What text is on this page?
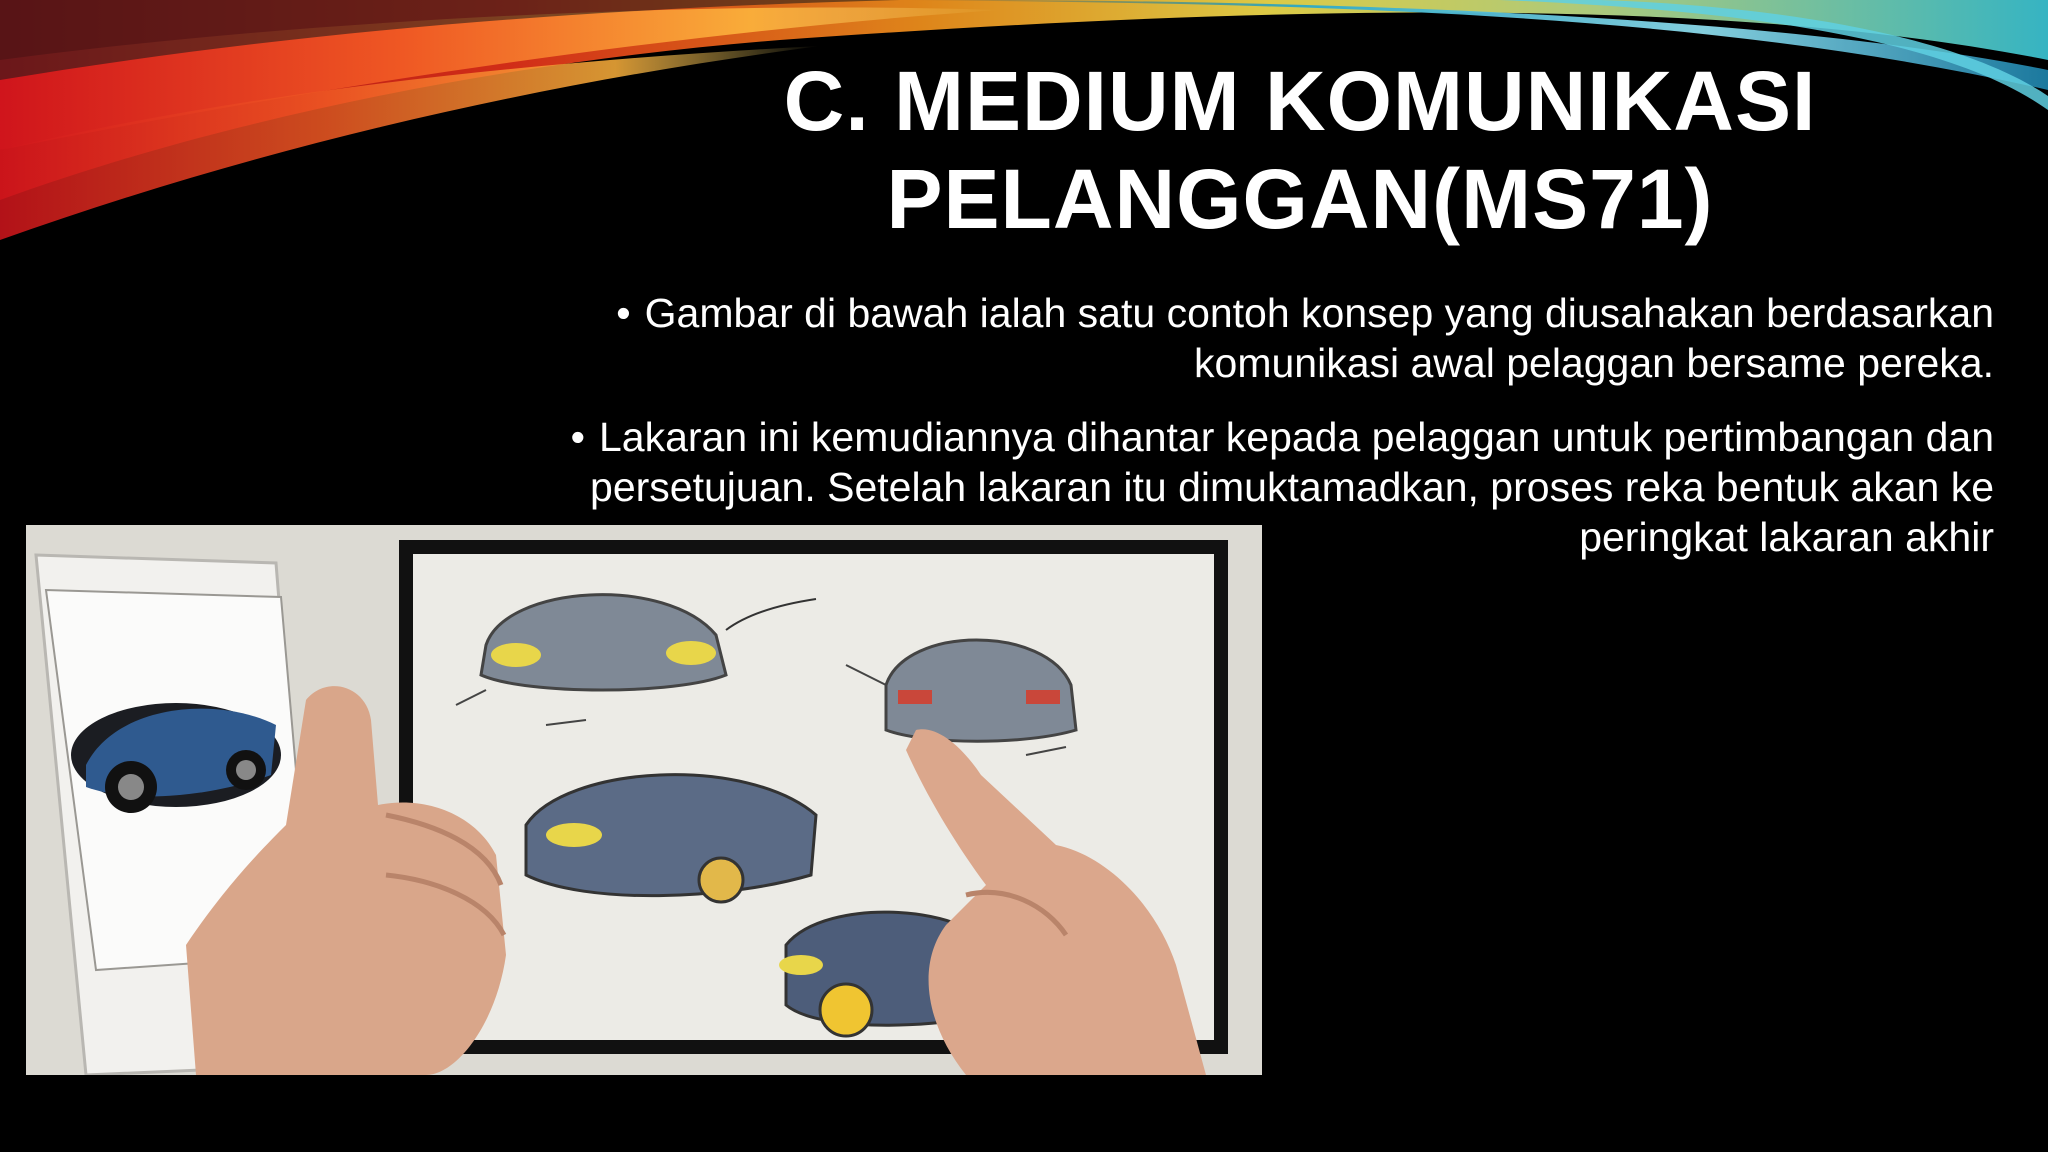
C. MEDIUM KOMUNIKASI
PELANGGAN(MS71)
• Gambar di bawah ialah satu contoh konsep yang diusahakan berdasarkan
komunikasi awal pelaggan bersame pereka.
• Lakaran ini kemudiannya dihantar kepada pelaggan untuk pertimbangan dan
persetujuan. Setelah lakaran itu dimuktamadkan, proses reka bentuk akan ke
peringkat lakaran akhir
